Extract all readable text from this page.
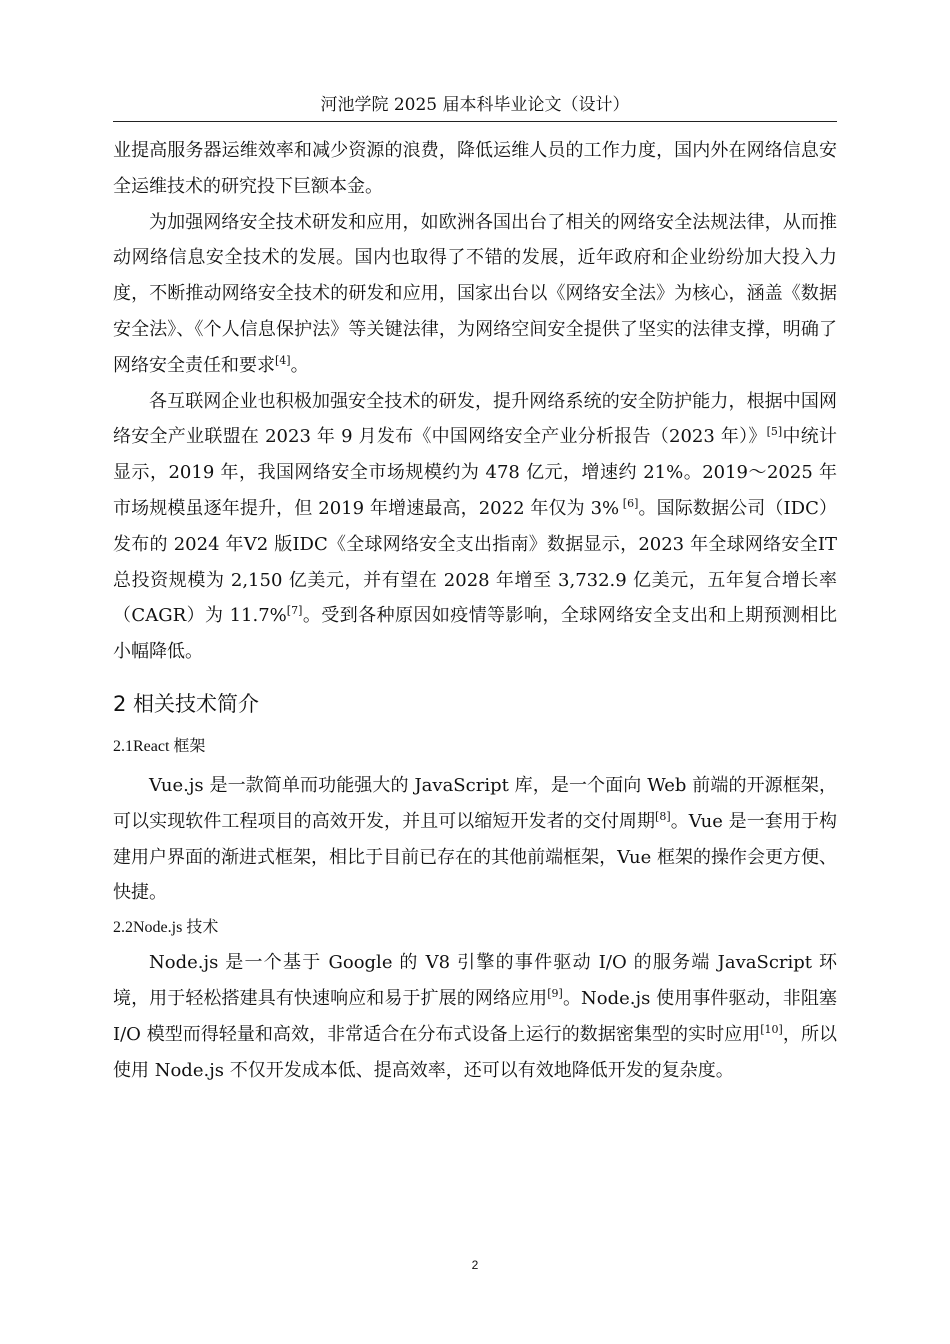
河池学院 2025 届本科毕业论文（设计）

业提高服务器运维效率和减少资源的浪费，降低运维人员的工作力度，国内外在网络信息安全运维技术的研究投下巨额本金。

为加强网络安全技术研发和应用，如欧洲各国出台了相关的网络安全法规法律，从而推动网络信息安全技术的发展。国内也取得了不错的发展，近年政府和企业纷纷加大投入力度，不断推动网络安全技术的研发和应用，国家出台以《网络安全法》为核心，涵盖《数据安全法》、《个人信息保护法》等关键法律，为网络空间安全提供了坚实的法律支撑，明确了网络安全责任和要求[4]。

各互联网企业也积极加强安全技术的研发，提升网络系统的安全防护能力，根据中国网络安全产业联盟在 2023 年 9 月发布《中国网络安全产业分析报告（2023 年）》[5]中统计显示，2019 年，我国网络安全市场规模约为 478 亿元，增速约 21%。2019～2025 年市场规模虽逐年提升，但 2019 年增速最高，2022 年仅为 3% [6]。国际数据公司（IDC）发布的 2024 年V2 版IDC《全球网络安全支出指南》数据显示，2023 年全球网络安全IT 总投资规模为 2,150 亿美元，并有望在 2028 年增至 3,732.9 亿美元，五年复合增长率（CAGR）为 11.7%[7]。受到各种原因如疫情等影响，全球网络安全支出和上期预测相比小幅降低。

2 相关技术简介
2.1React 框架

Vue.js 是一款简单而功能强大的 JavaScript 库，是一个面向 Web 前端的开源框架，可以实现软件工程项目的高效开发，并且可以缩短开发者的交付周期[8]。Vue 是一套用于构建用户界面的渐进式框架，相比于目前已存在的其他前端框架，Vue 框架的操作会更方便、快捷。

2.2Node.js 技术

Node.js 是一个基于 Google 的 V8 引擎的事件驱动 I/O 的服务端 JavaScript 环境，用于轻松搭建具有快速响应和易于扩展的网络应用[9]。Node.js 使用事件驱动，非阻塞 I/O 模型而得轻量和高效，非常适合在分布式设备上运行的数据密集型的实时应用[10]，所以使用 Node.js 不仅开发成本低、提高效率，还可以有效地降低开发的复杂度。

2
